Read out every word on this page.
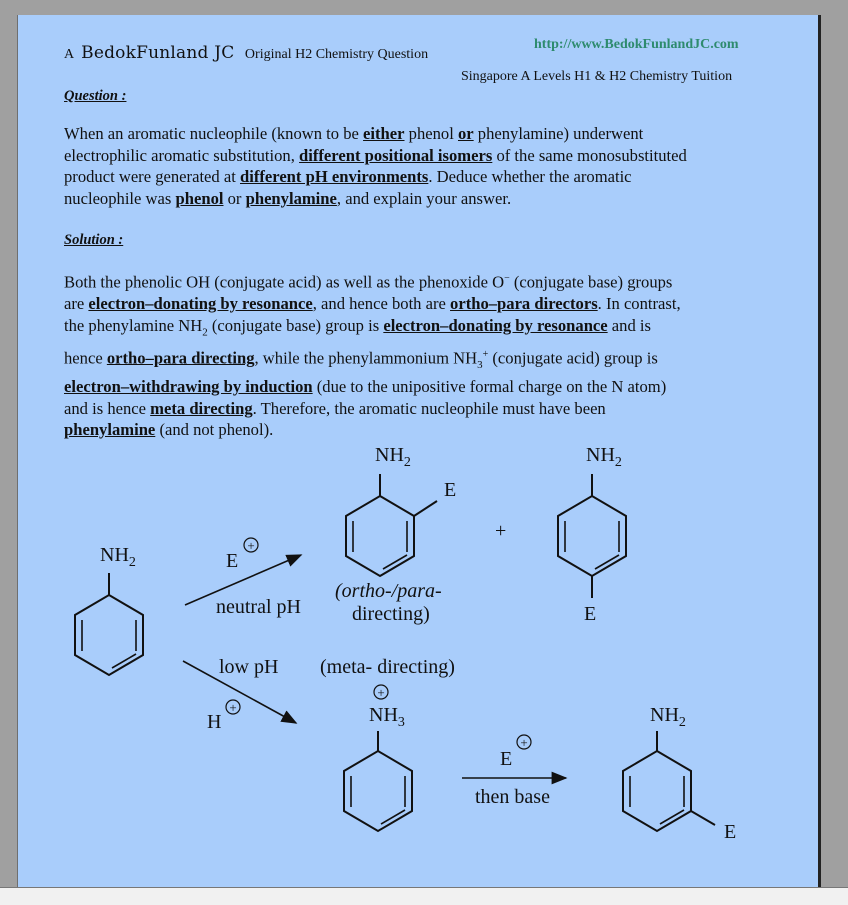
A BedokFunland JC Original H2 Chemistry Question
http://www.BedokFunlandJC.com
Singapore A Levels H1 & H2 Chemistry Tuition
Question :
When an aromatic nucleophile (known to be either phenol or phenylamine) underwent
electrophilic aromatic substitution, different positional isomers of the same monosubstituted
product were generated at different pH environments. Deduce whether the aromatic
nucleophile was phenol or phenylamine, and explain your answer.
Solution :
Both the phenolic OH (conjugate acid) as well as the phenoxide O− (conjugate base) groups
are electron–donating by resonance, and hence both are ortho–para directors. In contrast,
the phenylamine $NH_2$ (conjugate base) group is electron–donating by resonance and is
hence ortho–para directing, while the phenylammonium $NH_3^+$ (conjugate acid) group is
electron–withdrawing by induction (due to the unipositive formal charge on the N atom)
and is hence meta directing. Therefore, the aromatic nucleophile must have been
phenylamine (and not phenol).
$NH_2$	E
+
neutral pH
$NH_2$
E
+
$NH_2$
E
(ortho-/para-
directing)
low pH
H
+
(meta- directing)
+
$NH_3$
E
+
then base
$NH_2$
E
